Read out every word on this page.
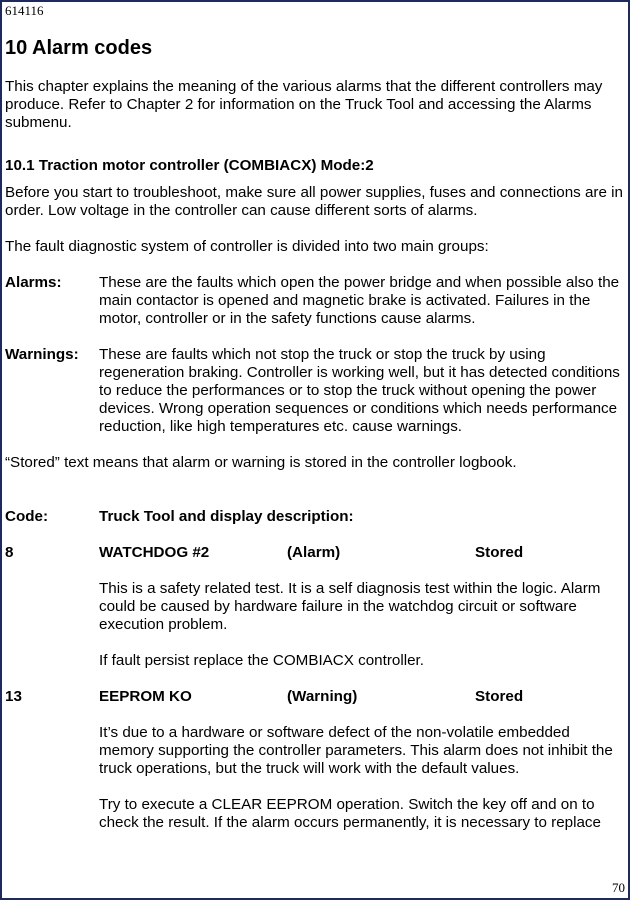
614116
10 Alarm codes
This chapter explains the meaning of the various alarms that the different controllers may produce. Refer to Chapter 2 for information on the Truck Tool and accessing the Alarms submenu.
10.1 Traction motor controller (COMBIACX) Mode:2
Before you start to troubleshoot, make sure all power supplies, fuses and connections are in order. Low voltage in the controller can cause different sorts of alarms.
The fault diagnostic system of controller is divided into two main groups:
Alarms: These are the faults which open the power bridge and when possible also the main contactor is opened and magnetic brake is activated. Failures in the motor, controller or in the safety functions cause alarms.
Warnings: These are faults which not stop the truck or stop the truck by using regeneration braking. Controller is working well, but it has detected conditions to reduce the performances or to stop the truck without opening the power devices. Wrong operation sequences or conditions which needs performance reduction, like high temperatures etc. cause warnings.
“Stored” text means that alarm or warning is stored in the controller logbook.
Code:	Truck Tool and display description:
8	WATCHDOG #2	(Alarm)	Stored
This is a safety related test. It is a self diagnosis test within the logic. Alarm could be caused by hardware failure in the watchdog circuit or software execution problem.
If fault persist replace the COMBIACX controller.
13	EEPROM KO	(Warning)	Stored
It’s due to a hardware or software defect of the non-volatile embedded memory supporting the controller parameters. This alarm does not inhibit the truck operations, but the truck will work with the default values.
Try to execute a CLEAR EEPROM operation. Switch the key off and on to check the result. If the alarm occurs permanently, it is necessary to replace
70
